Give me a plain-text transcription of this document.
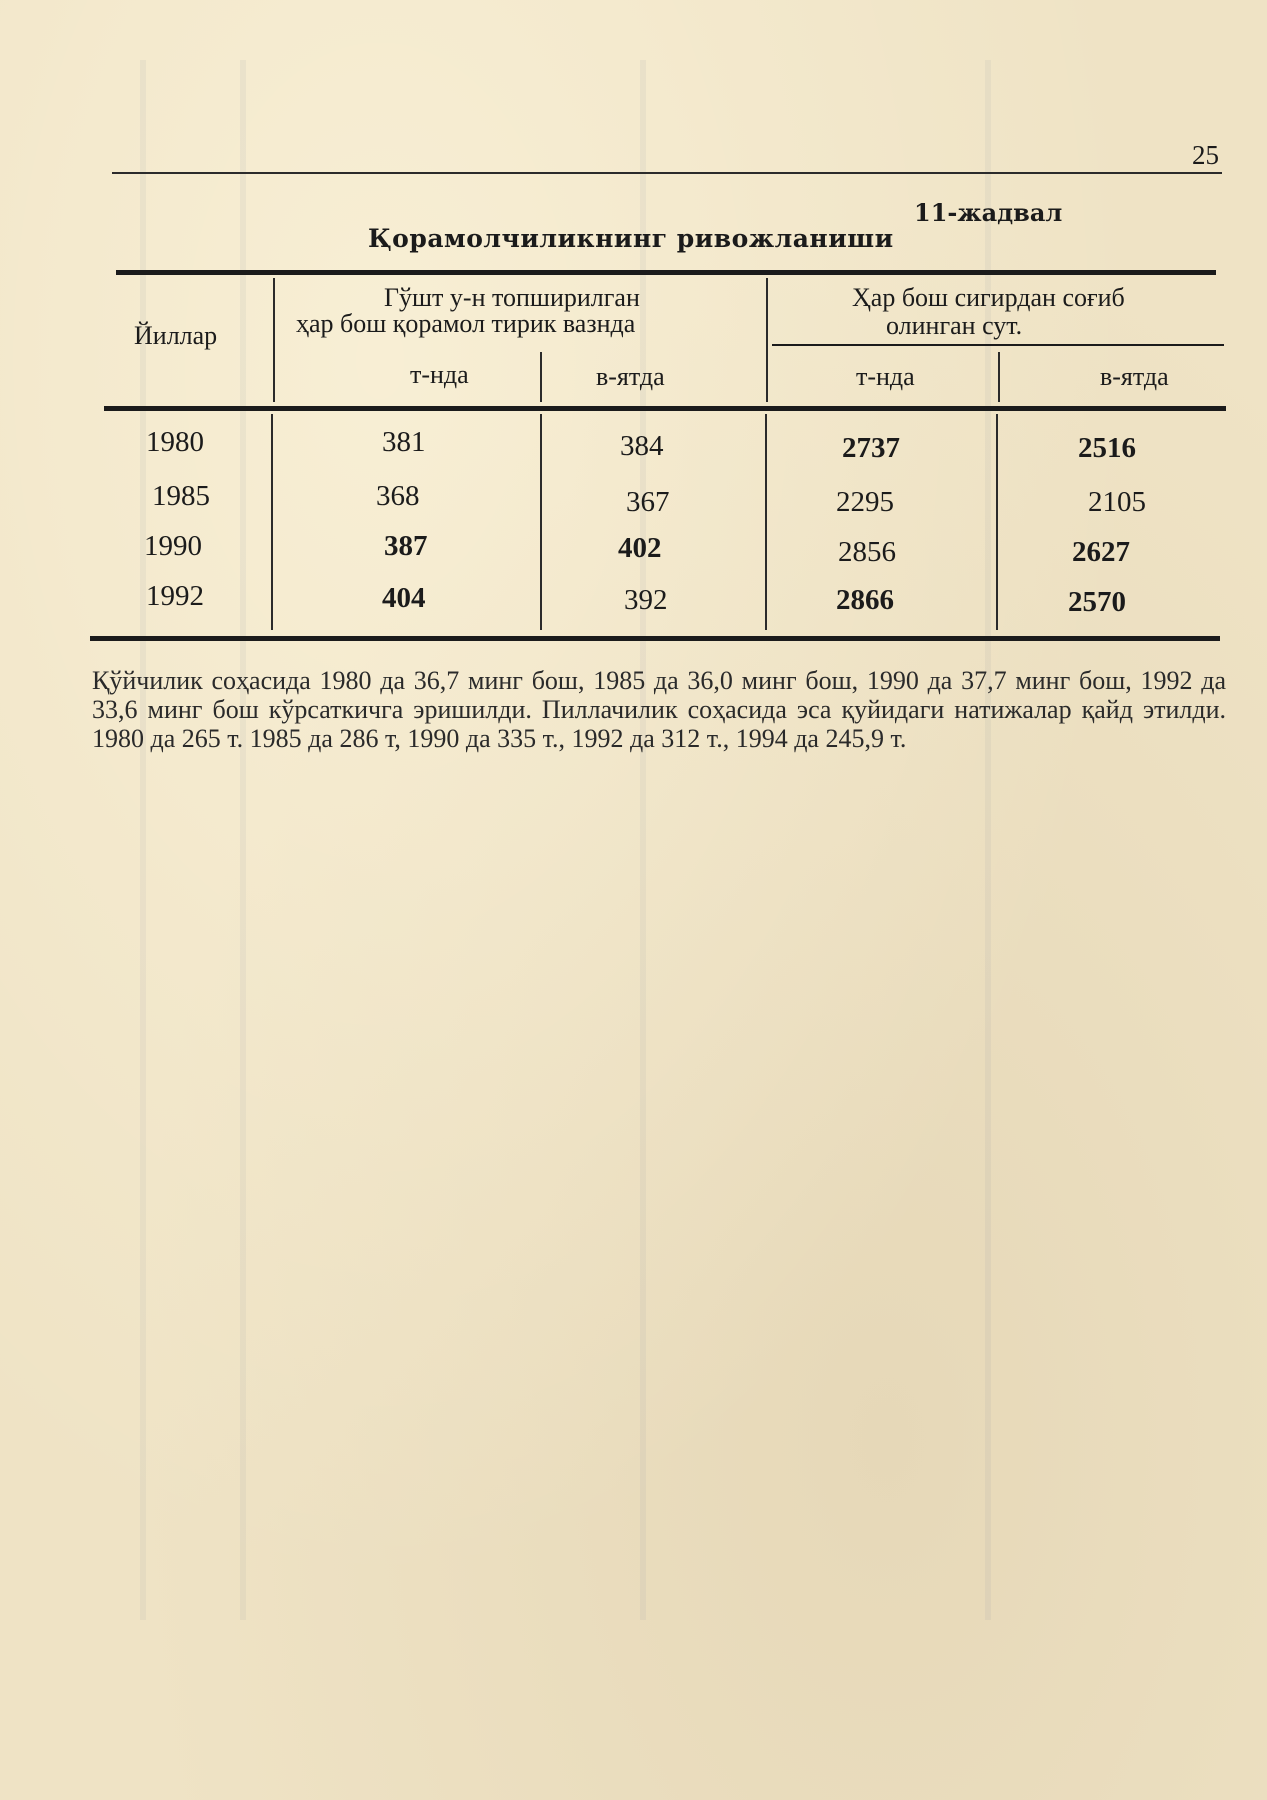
25
11-жадвал
Қорамолчиликнинг ривожланиши
Йиллар
Гўшт у-н топширилган
ҳар бош қорамол тирик вазнда
Ҳар бош сигирдан соғиб
олинган сут.
т-нда	в-ятда	т-нда	в-ятда
1980	381	384	2737	2516
1985	368	367	2295	2105
1990	387	402	2856	2627
1992	404	392	2866	2570
Қўйчилик соҳасида 1980 да 36,7 минг бош, 1985 да 36,0 минг бош, 1990 да 37,7 минг бош, 1992 да 33,6 минг бош кўрсаткичга эришилди. Пиллачилик соҳасида эса қуйидаги натижалар қайд этилди. 1980 да 265 т. 1985 да 286 т, 1990 да 335 т., 1992 да 312 т., 1994 да 245,9 т.
